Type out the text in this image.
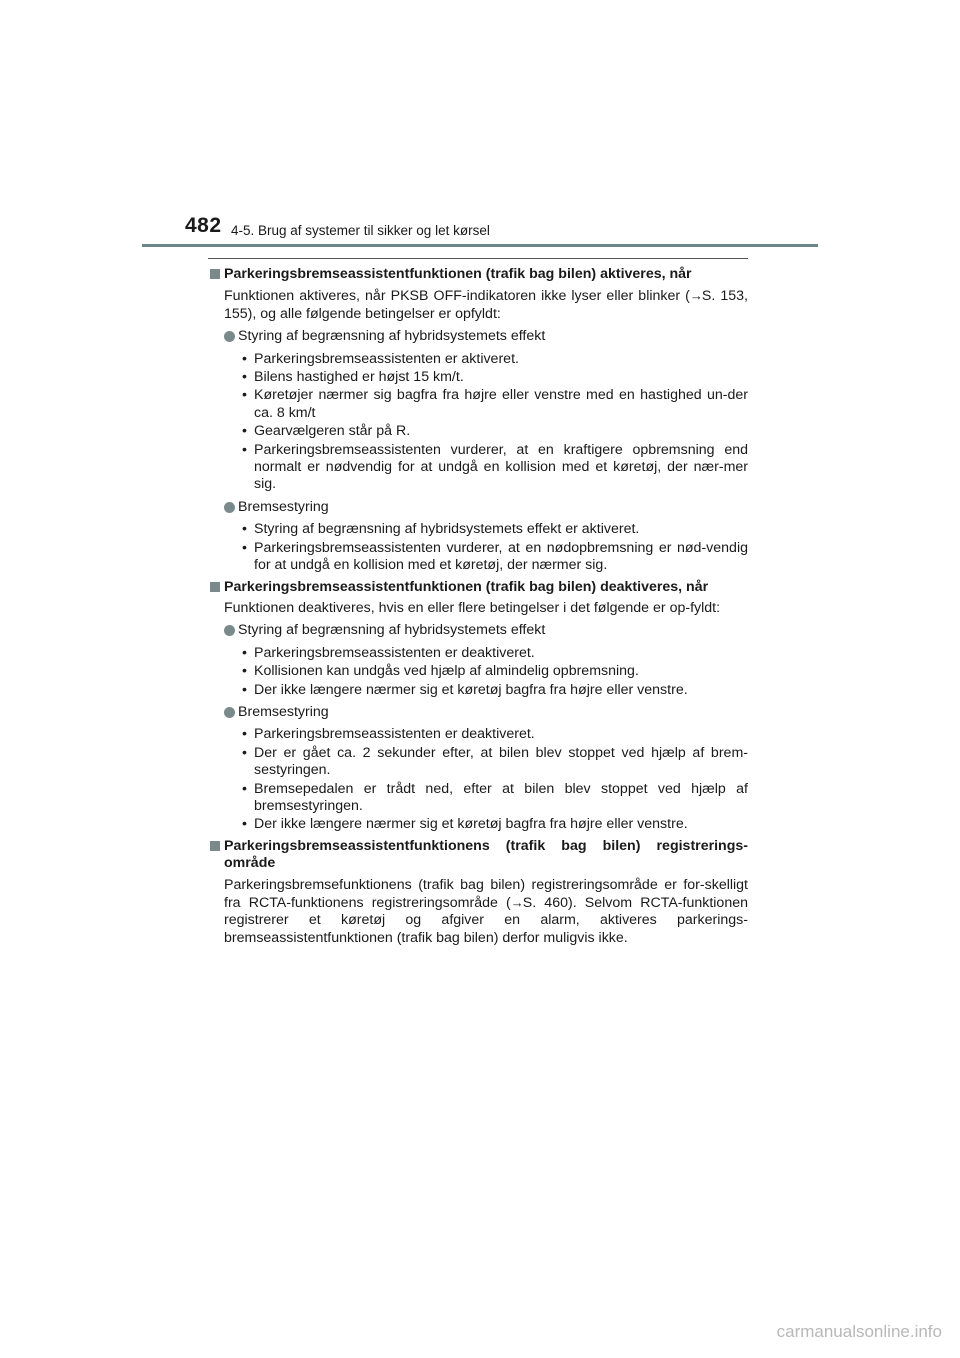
482 4-5. Brug af systemer til sikker og let kørsel
Parkeringsbremseassistentfunktionen (trafik bag bilen) aktiveres, når
Funktionen aktiveres, når PKSB OFF-indikatoren ikke lyser eller blinker (→S. 153, 155), og alle følgende betingelser er opfyldt:
Styring af begrænsning af hybridsystemets effekt
• Parkeringsbremseassistenten er aktiveret.
• Bilens hastighed er højst 15 km/t.
• Køretøjer nærmer sig bagfra fra højre eller venstre med en hastighed un-der ca. 8 km/t
• Gearvælgeren står på R.
• Parkeringsbremseassistenten vurderer, at en kraftigere opbremsning end normalt er nødvendig for at undgå en kollision med et køretøj, der nær-mer sig.
Bremsestyring
• Styring af begrænsning af hybridsystemets effekt er aktiveret.
• Parkeringsbremseassistenten vurderer, at en nødopbremsning er nød-vendig for at undgå en kollision med et køretøj, der nærmer sig.
Parkeringsbremseassistentfunktionen (trafik bag bilen) deaktiveres, når
Funktionen deaktiveres, hvis en eller flere betingelser i det følgende er op-fyldt:
Styring af begrænsning af hybridsystemets effekt
• Parkeringsbremseassistenten er deaktiveret.
• Kollisionen kan undgås ved hjælp af almindelig opbremsning.
• Der ikke længere nærmer sig et køretøj bagfra fra højre eller venstre.
Bremsestyring
• Parkeringsbremseassistenten er deaktiveret.
• Der er gået ca. 2 sekunder efter, at bilen blev stoppet ved hjælp af brem-sestyringen.
• Bremsepedalen er trådt ned, efter at bilen blev stoppet ved hjælp af bremsestyringen.
• Der ikke længere nærmer sig et køretøj bagfra fra højre eller venstre.
Parkeringsbremseassistentfunktionens (trafik bag bilen) registrerings-område
Parkeringsbremsefunktionens (trafik bag bilen) registreringsområde er for-skelligt fra RCTA-funktionens registreringsområde (→S. 460). Selvom RCTA-funktionen registrerer et køretøj og afgiver en alarm, aktiveres parkerings-bremseassistentfunktionen (trafik bag bilen) derfor muligvis ikke.
carmanualsonline.info
